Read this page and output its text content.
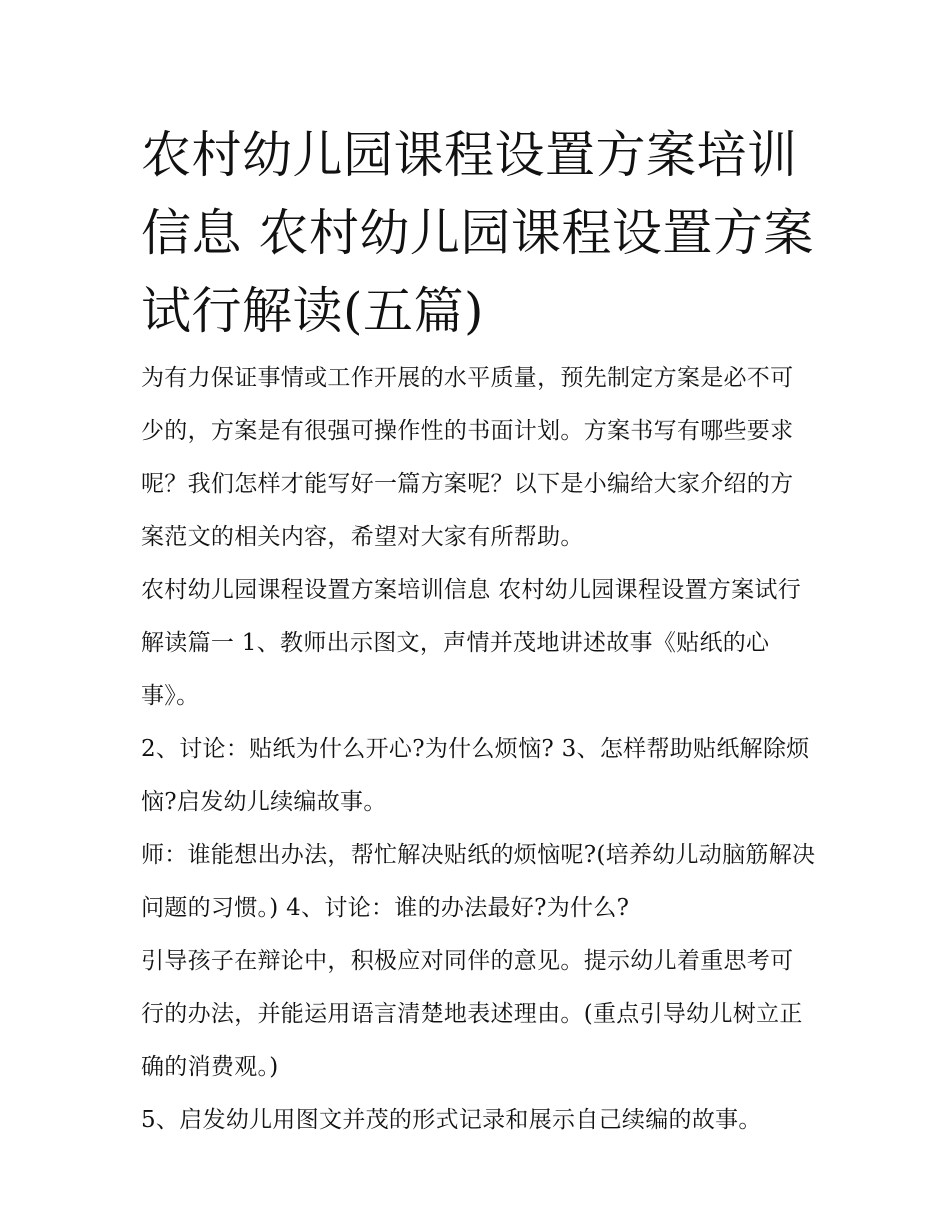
农村幼儿园课程设置方案培训信息 农村幼儿园课程设置方案试行解读(五篇)

为有力保证事情或工作开展的水平质量，预先制定方案是必不可少的，方案是有很强可操作性的书面计划。方案书写有哪些要求呢？我们怎样才能写好一篇方案呢？以下是小编给大家介绍的方案范文的相关内容，希望对大家有所帮助。

农村幼儿园课程设置方案培训信息 农村幼儿园课程设置方案试行解读篇一 1、教师出示图文，声情并茂地讲述故事《贴纸的心事》。

2、讨论：贴纸为什么开心?为什么烦恼? 3、怎样帮助贴纸解除烦恼?启发幼儿续编故事。

师：谁能想出办法，帮忙解决贴纸的烦恼呢?(培养幼儿动脑筋解决问题的习惯。) 4、讨论：谁的办法最好?为什么?

引导孩子在辩论中，积极应对同伴的意见。提示幼儿着重思考可行的办法，并能运用语言清楚地表述理由。(重点引导幼儿树立正确的消费观。)

5、启发幼儿用图文并茂的形式记录和展示自己续编的故事。
